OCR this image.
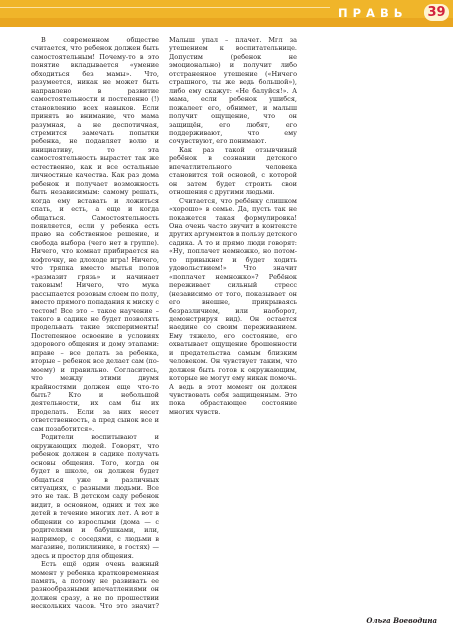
ПРАВЬ 39

В современном обществе считается, что ребенок должен быть самостоятельным! Почему-то в это понятие вкладывается «умение обходиться без мамы». Что, разумеется, никак не может быть направлено в развитие самостоятельности и постепенно (!) становлению всех навыков. Если принять во внимание, что мама разумная, а не деспотичная, стремится замечать попытки ребенка, не подавляет волю и инициативу, то эта самостоятельность вырастет так же естественно, как и все остальные личностные качества. Как раз дома ребенок и получает возможность быть независимым: самому решать, когда ему вставать и ложиться спать, и есть, а еще и когда общаться. Самостоятельность появляется, если у ребенка есть право на собственное решение, и свобода выбора (чего нет в группе). Ничего, что комнат прибирается на кофточку, не длоходе игра! Ничего, что тряпка вместо мытья полов «размазит грязь» и начинает таковым! Ничего, что мука рассыпается розовым слоем по полу, вместо прямого попадания к миску с тестом! Все это – такое научение – такого в садике не будет позволять продельвать такие эксперименты! Постепенное освоение в условиях здорового общения и дому этапами: вправе – все делать за ребенка, вторые – ребенок все делает сам (по-моему) и правильно. Согласитесь, что между этими двумя крайностями должен еще что-то быть? Кто и небольшой деятельности, их сам бы их проделать. Если за них несет ответственность, а пред сынок все и сам позаботится».

Родители воспитывают и окружающих людей. Говорят, что ребенок должен в садике получать основы общения. Того, когда он будет в школе, он должен будет общаться уже в различных ситуациях, с разными людьми. Все это не так. В детском саду ребенок видит, в основном, одних и тех же детей в течение многих лет. А вот в общении со взрослыми (дома — с родителями и бабушками, или, например, с соседями, с людьми в магазине, поликлинике, в гостях) — здесь и простор для общения.

Есть ещё один очень важный момент у ребенка кратковременная память, а потому не развивать ее разнообразными впечатлениями он должен сразу, а не по прошествии нескольких часов. Что это значит? Малыш упал – плачет. Мгл за утешением к воспитательнице. Допустим (ребенок не эмоционально) и получит либо отстраненное утешение («Ничего страшного, ты же ведь большой»), либо ему скажут: «Не балуйся!». А мама, если ребенок ушибся, пожалеет его, обнимет, и малыш получит ощущение, что он защищён, его любят, его поддерживают, что ему сочувствуют, его понимают.

Как раз такой отзывчивый ребёнок в сознании детского впечатлительного человека становится той основой, с которой он затем будет строить свои отношения с другими людьми.

Считается, что ребёнку слишком «хорошо» в семье. Да, пусть так не покажется такая формулировка! Она очень часто звучит в контексте других аргументов в пользу детского садика. А то и прямо люди говорят: «Ну, поплачет немножко, но потом-то привыкнет и будет ходить удовольствием!» Что значит «поплачет немножко»? Ребёнок переживает сильный стресс (независимо от того, показывает он его внешне, прикрываясь безразличием, или наоборот, демонстрируя вид). Он остается наедине со своим переживанием. Ему тяжело, его состояние, его охватывает ощущение брошенности и предательства самым близким человеком. Он чувствует таким, что должен быть готов к окружающим, которые не могут ему никак помочь. А ведь в этот момент он должен чувствовать себя защищенным. Это пока обрастающее состояние многих чувств.

Ольга Воеводина
